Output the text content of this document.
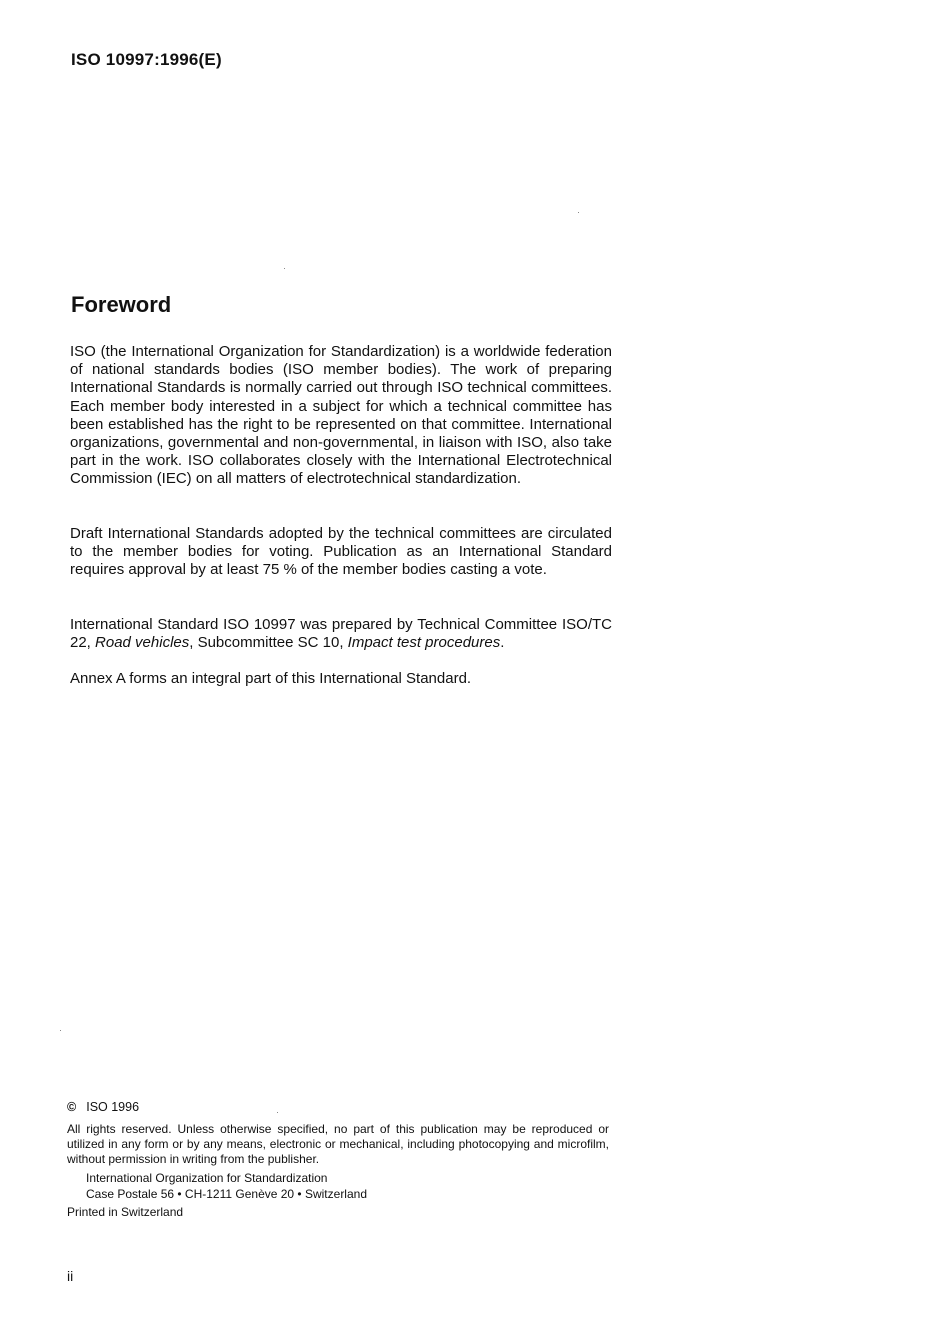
ISO 10997:1996(E)
Foreword

ISO (the International Organization for Standardization) is a worldwide federation of national standards bodies (ISO member bodies). The work of preparing International Standards is normally carried out through ISO technical committees. Each member body interested in a subject for which a technical committee has been established has the right to be represented on that committee. International organizations, governmental and non-governmental, in liaison with ISO, also take part in the work. ISO collaborates closely with the International Electrotechnical Commission (IEC) on all matters of electrotechnical standardization.

Draft International Standards adopted by the technical committees are circulated to the member bodies for voting. Publication as an International Standard requires approval by at least 75 % of the member bodies casting a vote.

International Standard ISO 10997 was prepared by Technical Committee ISO/TC 22, Road vehicles, Subcommittee SC 10, Impact test procedures.

Annex A forms an integral part of this International Standard.

© ISO 1996

All rights reserved. Unless otherwise specified, no part of this publication may be reproduced or utilized in any form or by any means, electronic or mechanical, including photocopying and microfilm, without permission in writing from the publisher.

International Organization for Standardization
Case Postale 56 • CH-1211 Genève 20 • Switzerland
Printed in Switzerland
ii
